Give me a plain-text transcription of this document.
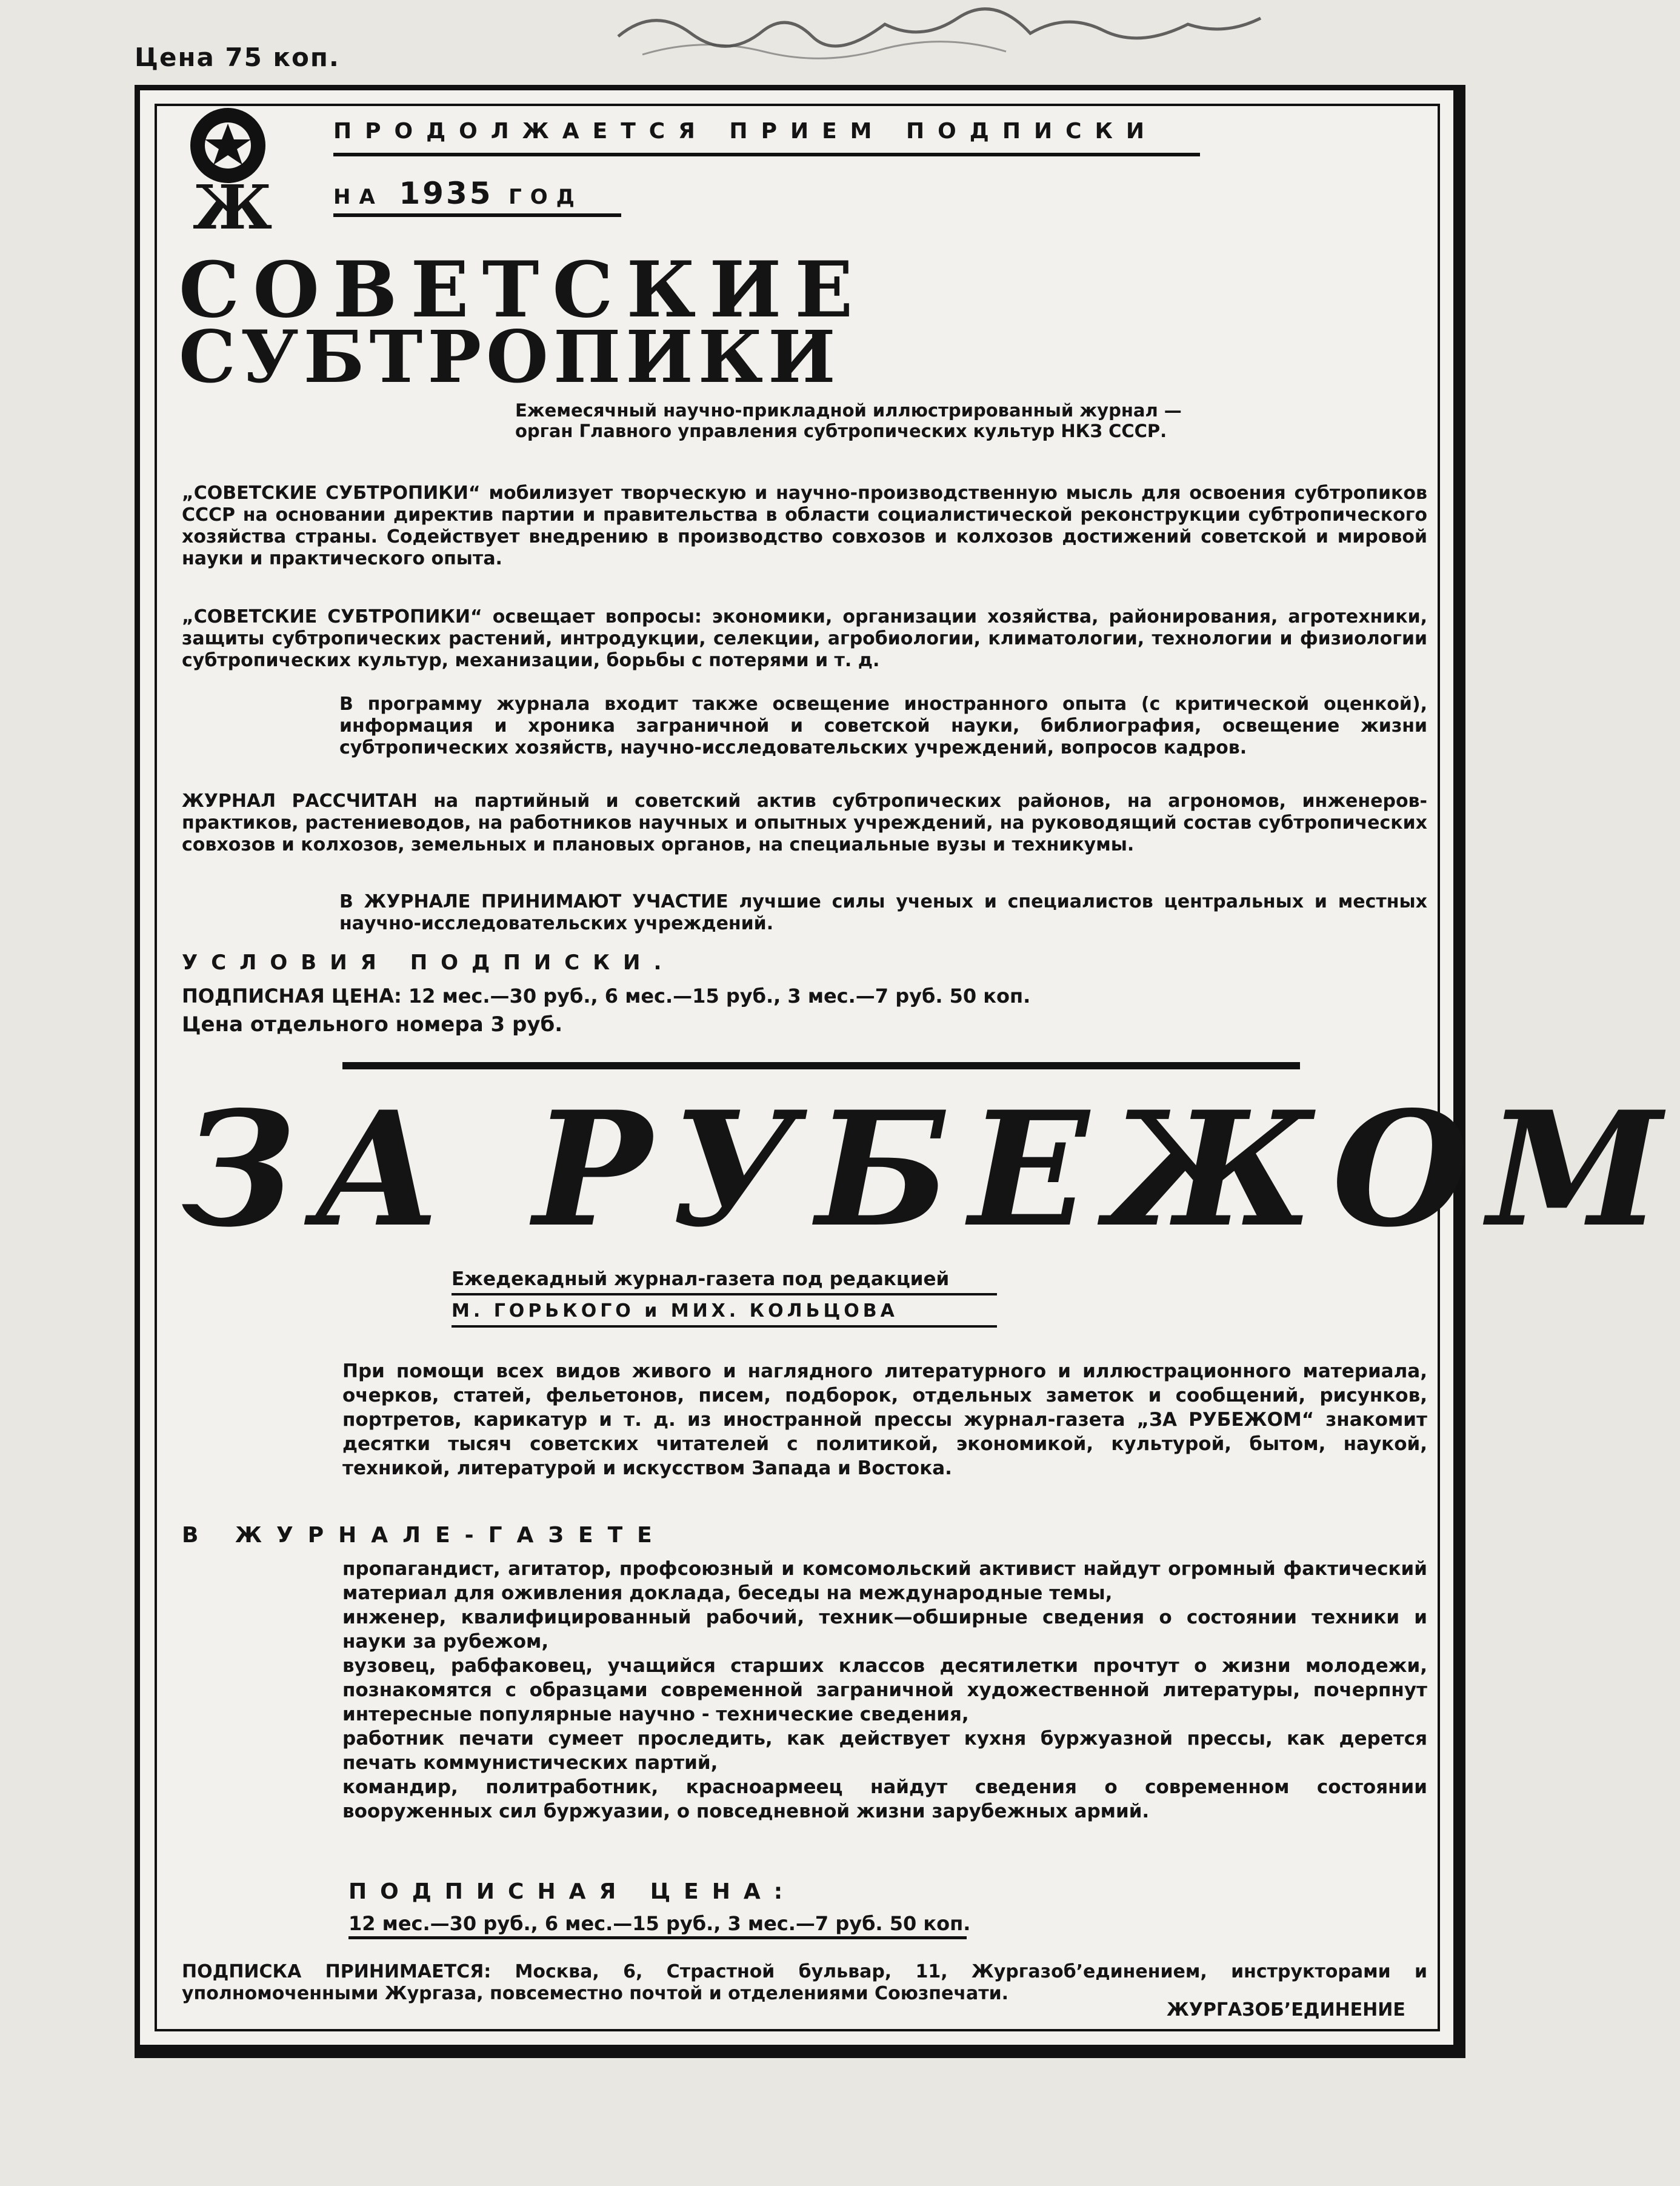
Цена 75 коп.
Ж
ПРОДОЛЖАЕТСЯ ПРИЕМ ПОДПИСКИ
НА 1935 ГОД
СОВЕТСКИЕ
СУБТРОПИКИ
Ежемесячный научно-прикладной иллюстрированный журнал — орган Главного управления субтропических культур НКЗ СССР.
„СОВЕТСКИЕ СУБТРОПИКИ“ мобилизует творческую и научно-производственную мысль для освоения субтропиков СССР на основании директив партии и правительства в области социалистической реконструкции субтропического хозяйства страны. Содействует внедрению в производство совхозов и колхозов достижений советской и мировой науки и практического опыта.
„СОВЕТСКИЕ СУБТРОПИКИ“ освещает вопросы: экономики, организации хозяйства, районирования, агротехники, защиты субтропических растений, интродукции, селекции, агробиологии, климатологии, технологии и физиологии субтропических культур, механизации, борьбы с потерями и т. д.
В программу журнала входит также освещение иностранного опыта (с критической оценкой), информация и хроника заграничной и советской науки, библиография, освещение жизни субтропических хозяйств, научно-исследовательских учреждений, вопросов кадров.
ЖУРНАЛ РАССЧИТАН на партийный и советский актив субтропических районов, на агрономов, инженеров-практиков, растениеводов, на работников научных и опытных учреждений, на руководящий состав субтропических совхозов и колхозов, земельных и плановых органов, на специальные вузы и техникумы.
В ЖУРНАЛЕ ПРИНИМАЮТ УЧАСТИЕ лучшие силы ученых и специалистов центральных и местных научно-исследовательских учреждений.
УСЛОВИЯ ПОДПИСКИ.
ПОДПИСНАЯ ЦЕНА: 12 мес.—30 руб., 6 мес.—15 руб., 3 мес.—7 руб. 50 коп.
Цена отдельного номера 3 руб.
ЗА РУБЕЖОМ
Ежедекадный журнал-газета под редакцией
М. ГОРЬКОГО и МИХ. КОЛЬЦОВА
При помощи всех видов живого и наглядного литературного и иллюстрационного материала, очерков, статей, фельетонов, писем, подборок, отдельных заметок и сообщений, рисунков, портретов, карикатур и т. д. из иностранной прессы журнал-газета „ЗА РУБЕЖОМ“ знакомит десятки тысяч советских читателей с политикой, экономикой, культурой, бытом, наукой, техникой, литературой и искусством Запада и Востока.
В ЖУРНАЛЕ-ГАЗЕТЕ

пропагандист, агитатор, профсоюзный и комсомольский активист найдут огромный фактический материал для оживления доклада, беседы на международные темы,

инженер, квалифицированный рабочий, техник—обширные сведения о состоянии техники и науки за рубежом,

вузовец, рабфаковец, учащийся старших классов десятилетки прочтут о жизни молодежи, познакомятся с образцами современной заграничной художественной литературы, почерпнут интересные популярные научно - технические сведения,

работник печати сумеет проследить, как действует кухня буржуазной прессы, как дерется печать коммунистических партий,

командир, политработник, красноармеец найдут сведения о современном состоянии вооруженных сил буржуазии, о повседневной жизни зарубежных армий.

ПОДПИСНАЯ ЦЕНА:
12 мес.—30 руб., 6 мес.—15 руб., 3 мес.—7 руб. 50 коп.
ПОДПИСКА ПРИНИМАЕТСЯ: Москва, 6, Страстной бульвар, 11, Жургазоб’единением, инструкторами и уполномоченными Жургаза, повсеместно почтой и отделениями Союзпечати.
ЖУРГАЗОБ’ЕДИНЕНИЕ
